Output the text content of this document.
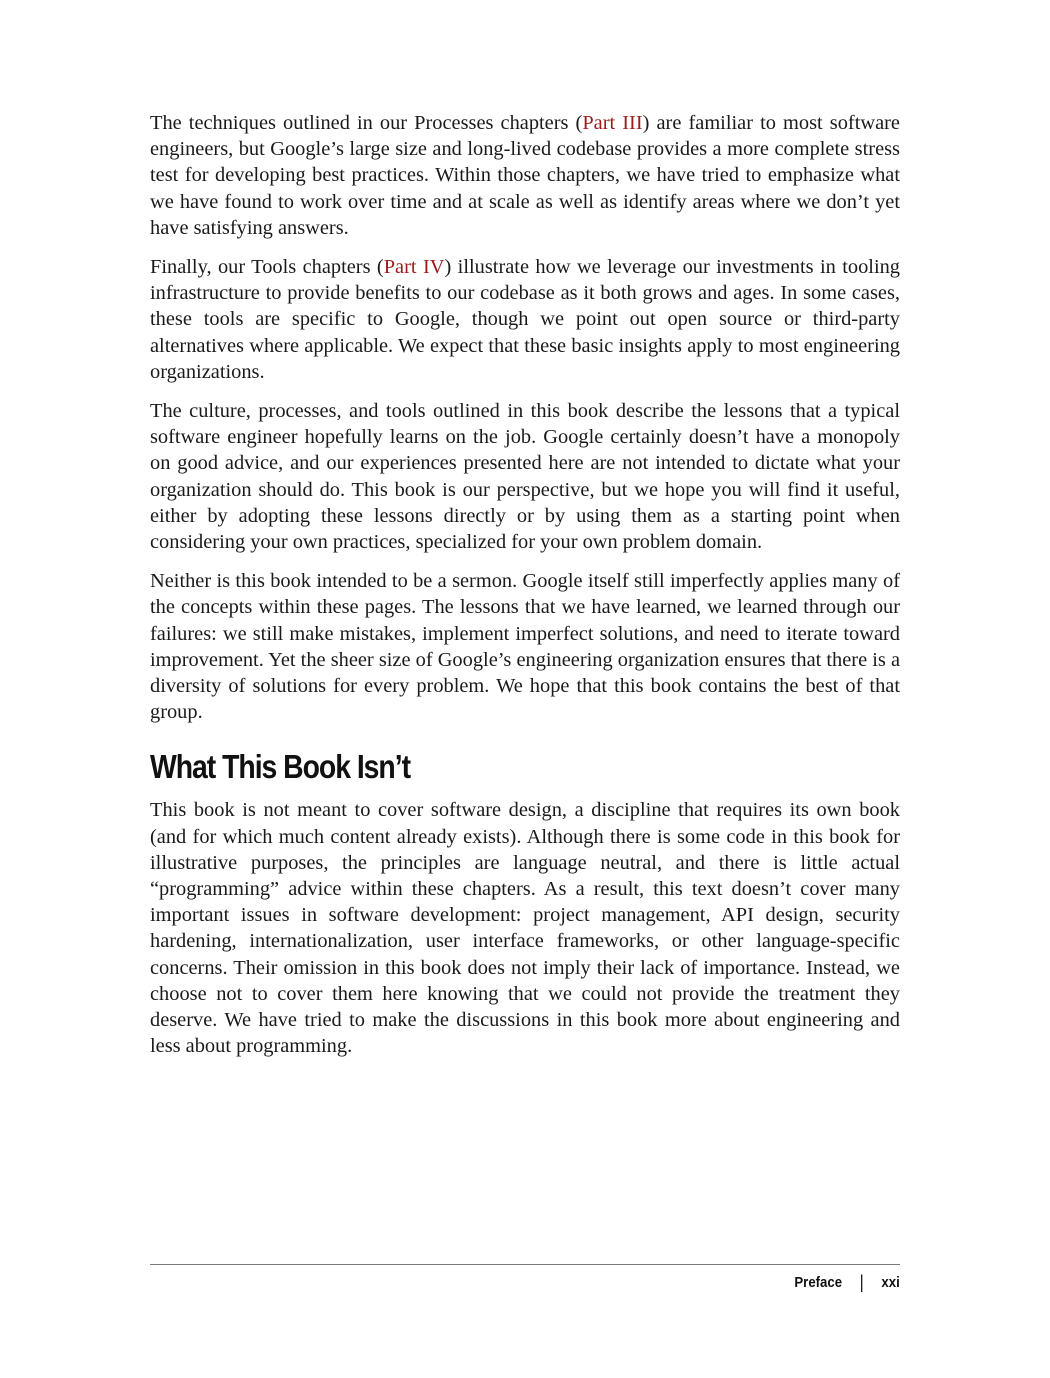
The techniques outlined in our Processes chapters (Part III) are familiar to most software engineers, but Google’s large size and long-lived codebase provides a more complete stress test for developing best practices. Within those chapters, we have tried to emphasize what we have found to work over time and at scale as well as identify areas where we don’t yet have satisfying answers.

Finally, our Tools chapters (Part IV) illustrate how we leverage our investments in tooling infrastructure to provide benefits to our codebase as it both grows and ages. In some cases, these tools are specific to Google, though we point out open source or third-party alternatives where applicable. We expect that these basic insights apply to most engineering organizations.

The culture, processes, and tools outlined in this book describe the lessons that a typical software engineer hopefully learns on the job. Google certainly doesn’t have a monopoly on good advice, and our experiences presented here are not intended to dictate what your organization should do. This book is our perspective, but we hope you will find it useful, either by adopting these lessons directly or by using them as a starting point when considering your own practices, specialized for your own problem domain.

Neither is this book intended to be a sermon. Google itself still imperfectly applies many of the concepts within these pages. The lessons that we have learned, we learned through our failures: we still make mistakes, implement imperfect solutions, and need to iterate toward improvement. Yet the sheer size of Google’s engineering organization ensures that there is a diversity of solutions for every problem. We hope that this book contains the best of that group.

What This Book Isn’t

This book is not meant to cover software design, a discipline that requires its own book (and for which much content already exists). Although there is some code in this book for illustrative purposes, the principles are language neutral, and there is little actual “programming” advice within these chapters. As a result, this text doesn’t cover many important issues in software development: project management, API design, security hardening, internationalization, user interface frameworks, or other language-specific concerns. Their omission in this book does not imply their lack of importance. Instead, we choose not to cover them here knowing that we could not provide the treatment they deserve. We have tried to make the discussions in this book more about engineering and less about programming.

Preface | xxi
